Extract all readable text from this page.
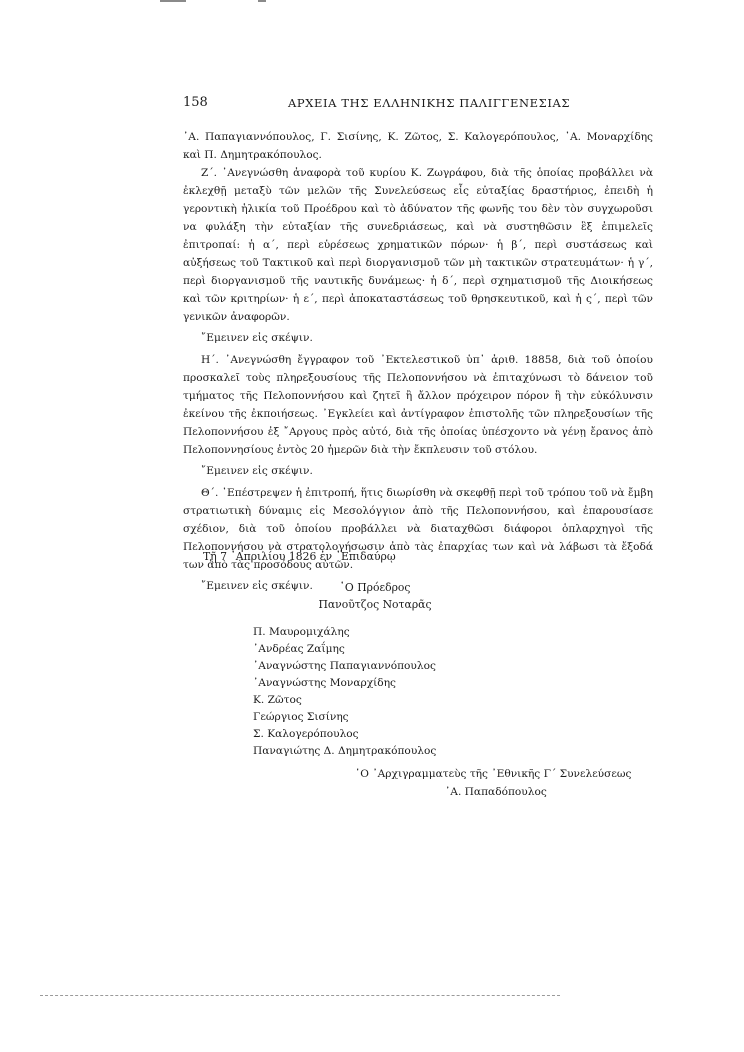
158	ΑΡΧΕΙΑ ΤΗΣ ΕΛΛΗΝΙΚΗΣ ΠΑΛΙΓΓΕΝΕΣΙΑΣ

᾿Α. Παπαγιαννόπουλος, Γ. Σισίνης, Κ. Ζῶτος, Σ. Καλογερόπουλος, ᾿Α. Μοναρχίδης καὶ Π. Δημητρακόπουλος.

Ζ΄. ᾿Ανεγνώσθη ἀναφορὰ τοῦ κυρίου Κ. Ζωγράφου, διὰ τῆς ὁποίας προβάλλει νὰ ἐκλεχθῇ μεταξὺ τῶν μελῶν τῆς Συνελεύσεως εἷς εὐταξίας δραστήριος, ἐπειδὴ ἡ γεροντικὴ ἡλικία τοῦ Προέδρου καὶ τὸ ἀδύνατον τῆς φωνῆς του δὲν τὸν συγχωροῦσι να φυλάξη τὴν εὐταξίαν τῆς συνεδριάσεως, καὶ νὰ συστηθῶσιν ἓξ ἐπιμελεῖς ἐπιτροπαί: ἡ α΄, περὶ εὑρέσεως χρηματικῶν πόρων· ἡ β΄, περὶ συστάσεως καὶ αὐξήσεως τοῦ Τακτικοῦ καὶ περὶ διοργανισμοῦ τῶν μὴ τακτικῶν στρατευμάτων· ἡ γ΄, περὶ διοργανισμοῦ τῆς ναυτικῆς δυνάμεως· ἡ δ΄, περὶ σχηματισμοῦ τῆς Διοικήσεως καὶ τῶν κριτηρίων· ἡ ε΄, περὶ ἀποκαταστάσεως τοῦ θρησκευτικοῦ, καὶ ἡ ς΄, περὶ τῶν γενικῶν ἀναφορῶν.

῎Εμεινεν εἰς σκέψιν.

Η΄. ᾿Ανεγνώσθη ἔγγραφον τοῦ ᾿Εκτελεστικοῦ ὑπ᾿ ἀριθ. 18858, διὰ τοῦ ὁποίου προσκαλεῖ τοὺς πληρεξουσίους τῆς Πελοποννήσου νὰ ἐπιταχύνωσι τὸ δάνειον τοῦ τμήματος τῆς Πελοποννήσου καὶ ζητεῖ ἢ ἄλλον πρόχειρον πόρον ἢ τὴν εὐκόλυνσιν ἐκείνου τῆς ἐκποιήσεως. ᾿Εγκλείει καὶ ἀντίγραφον ἐπιστολῆς τῶν πληρεξουσίων τῆς Πελοποννήσου ἐξ ῎Αργους πρὸς αὐτό, διὰ τῆς ὁποίας ὑπέσχοντο νὰ γένῃ ἔρανος ἀπὸ Πελοποννησίους ἐντὸς 20 ἡμερῶν διὰ τὴν ἔκπλευσιν τοῦ στόλου.

῎Εμεινεν εἰς σκέψιν.

Θ΄. ᾿Επέστρεψεν ἡ ἐπιτροπή, ἥτις διωρίσθη νὰ σκεφθῇ περὶ τοῦ τρόπου τοῦ νὰ ἔμβη στρατιωτικὴ δύναμις εἰς Μεσολόγγιον ἀπὸ τῆς Πελοποννήσου, καὶ ἐπαρουσίασε σχέδιον, διὰ τοῦ ὁποίου προβάλλει νὰ διαταχθῶσι διάφοροι ὁπλαρχηγοὶ τῆς Πελοποννήσου νὰ στρατολογήσωσιν ἀπὸ τὰς ἐπαρχίας των καὶ νὰ λάβωσι τὰ ἔξοδά των ἀπὸ τὰς προσόδους αὐτῶν.

῎Εμεινεν εἰς σκέψιν.

Τῇ 7 ᾿Απριλίου 1826 ἐν ᾿Επιδαύρῳ
῾Ο Πρόεδρος
Πανοῦτζος Νοταρᾶς
Π. Μαυρομιχάλης
᾿Ανδρέας Ζαΐμης
᾿Αναγνώστης Παπαγιαννόπουλος
᾿Αναγνώστης Μοναρχίδης
Κ. Ζῶτος
Γεώργιος Σισίνης
Σ. Καλογερόπουλος
Παναγιώτης Δ. Δημητρακόπουλος
῾Ο ᾿Αρχιγραμματεὺς τῆς ᾿Εθνικῆς Γ΄ Συνελεύσεως
᾿Α. Παπαδόπουλος
